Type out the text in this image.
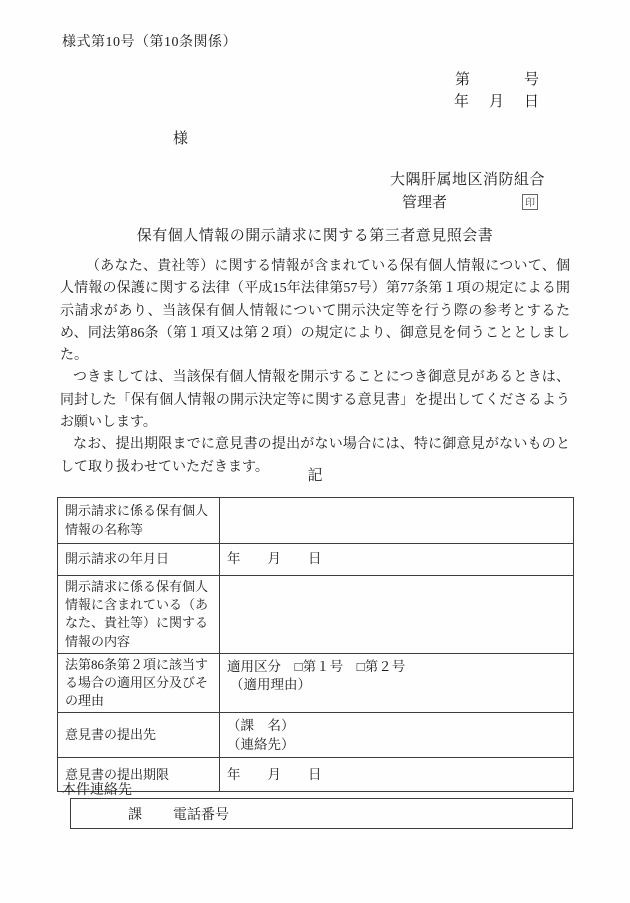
様式第10号（第10条関係）
第	号
年 月 日
様
大隅肝属地区消防組合
管理者	印
保有個人情報の開示請求に関する第三者意見照会書

（あなた、貴社等）に関する情報が含まれている保有個人情報について、個人情報の保護に関する法律（平成15年法律第57号）第77条第１項の規定による開示請求があり、当該保有個人情報について開示決定等を行う際の参考とするため、同法第86条（第１項又は第２項）の規定により、御意見を伺うこととしました。

つきましては、当該保有個人情報を開示することにつき御意見があるときは、同封した「保有個人情報の開示決定等に関する意見書」を提出してくださるようお願いします。

なお、提出期限までに意見書の提出がない場合には、特に御意見がないものとして取り扱わせていただきます。

記
開示請求に係る保有個人情報の名称等	
開示請求の年月日	年　　月　　日
開示請求に係る保有個人情報に含まれている（あなた、貴社等）に関する情報の内容	
法第86条第２項に該当する場合の適用区分及びその理由	適用区分　□第１号　□第２号
（適用理由）

意見書の提出先	（課　名）
（連絡先）

意見書の提出期限	年　　月　　日
本件連絡先
課 電話番号
